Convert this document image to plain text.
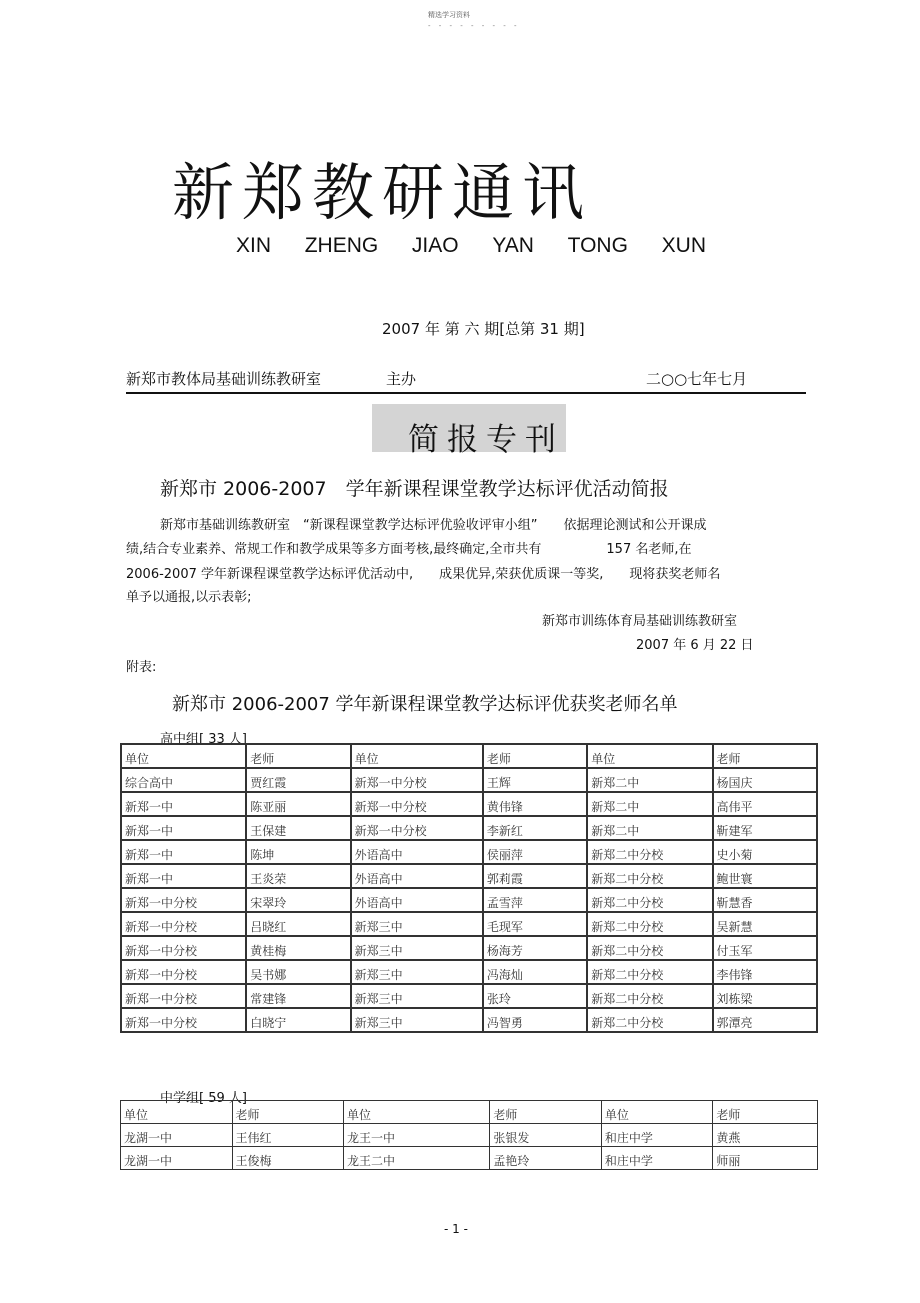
精选学习资料
- - - - - - - - -
新郑教研通讯
XIN ZHENG JIAO YAN TONG XUN
2007 年 第 六 期[总第 31 期]
新郑市教体局基础训练教研室	主办	二○○七年七月
简报专刊
新郑市 2006-2007　学年新课程课堂教学达标评优活动简报
新郑市基础训练教研室　“新课程课堂教学达标评优验收评审小组”　　依据理论测试和公开课成
绩,结合专业素养、常规工作和教学成果等多方面考核,最终确定,全市共有　　　　　157 名老师,在
2006-2007 学年新课程课堂教学达标评优活动中,　　成果优异,荣获优质课一等奖,　　现将获奖老师名
单予以通报,以示表彰;
新郑市训练体育局基础训练教研室
2007 年 6 月 22 日
附表:
新郑市 2006-2007 学年新课程课堂教学达标评优获奖老师名单
高中组[ 33 人]
单位	老师	单位	老师	单位	老师
综合高中	贾红霞	新郑一中分校	王辉	新郑二中	杨国庆
新郑一中	陈亚丽	新郑一中分校	黄伟锋	新郑二中	高伟平
新郑一中	王保建	新郑一中分校	李新红	新郑二中	靳建军
新郑一中	陈坤	外语高中	侯丽萍	新郑二中分校	史小菊
新郑一中	王炎荣	外语高中	郭莉霞	新郑二中分校	鲍世寰
新郑一中分校	宋翠玲	外语高中	孟雪萍	新郑二中分校	靳慧香
新郑一中分校	吕晓红	新郑三中	毛现军	新郑二中分校	吴新慧
新郑一中分校	黄桂梅	新郑三中	杨海芳	新郑二中分校	付玉军
新郑一中分校	吴书娜	新郑三中	冯海灿	新郑二中分校	李伟锋
新郑一中分校	常建锋	新郑三中	张玲	新郑二中分校	刘栋梁
新郑一中分校	白晓宁	新郑三中	冯智勇	新郑二中分校	郭潭亮
中学组[ 59 人]
单位	老师	单位	老师	单位	老师
龙湖一中	王伟红	龙王一中	张银发	和庄中学	黄燕
龙湖一中	王俊梅	龙王二中	孟艳玲	和庄中学	师丽
- 1 -
